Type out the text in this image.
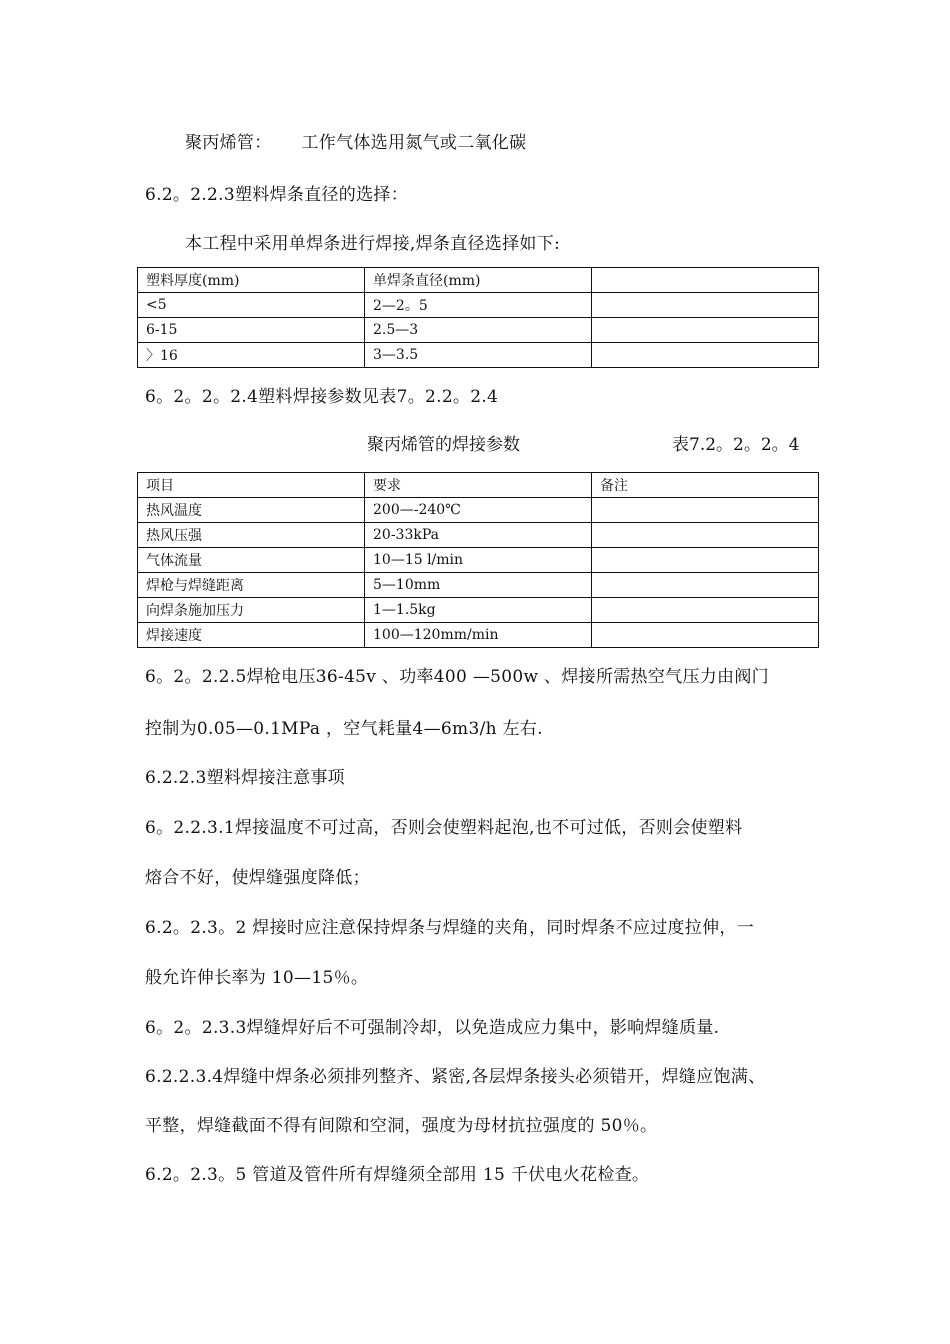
聚丙烯管： 工作气体选用氮气或二氧化碳
6.2。2.2.3塑料焊条直径的选择：
本工程中采用单焊条进行焊接,焊条直径选择如下:
塑料厚度(mm)	单焊条直径(mm)	
<5	2—2。5	
6-15	2.5—3	
〉16	3—3.5	
6。2。2。2.4塑料焊接参数见表7。2.2。2.4
聚丙烯管的焊接参数	表7.2。2。2。4
项目	要求	备注
热风温度	200—-240℃	
热风压强	20-33kPa	
气体流量	10—15 l/min	
焊枪与焊缝距离	5—10mm	
向焊条施加压力	1—1.5kg	
焊接速度	100—120mm/min	
6。2。2.2.5焊枪电压36-45v 、功率400 —500w 、焊接所需热空气压力由阀门
控制为0.05—0.1MPa ，空气耗量4—6m3/h 左右.
6.2.2.3塑料焊接注意事项
6。2.2.3.1焊接温度不可过高，否则会使塑料起泡,也不可过低，否则会使塑料
熔合不好，使焊缝强度降低；
6.2。2.3。2 焊接时应注意保持焊条与焊缝的夹角，同时焊条不应过度拉伸，一
般允许伸长率为 10—15％。
6。2。2.3.3焊缝焊好后不可强制冷却，以免造成应力集中，影响焊缝质量.
6.2.2.3.4焊缝中焊条必须排列整齐、紧密,各层焊条接头必须错开，焊缝应饱满、
平整，焊缝截面不得有间隙和空洞，强度为母材抗拉强度的 50％。
6.2。2.3。5 管道及管件所有焊缝须全部用 15 千伏电火花检查。
